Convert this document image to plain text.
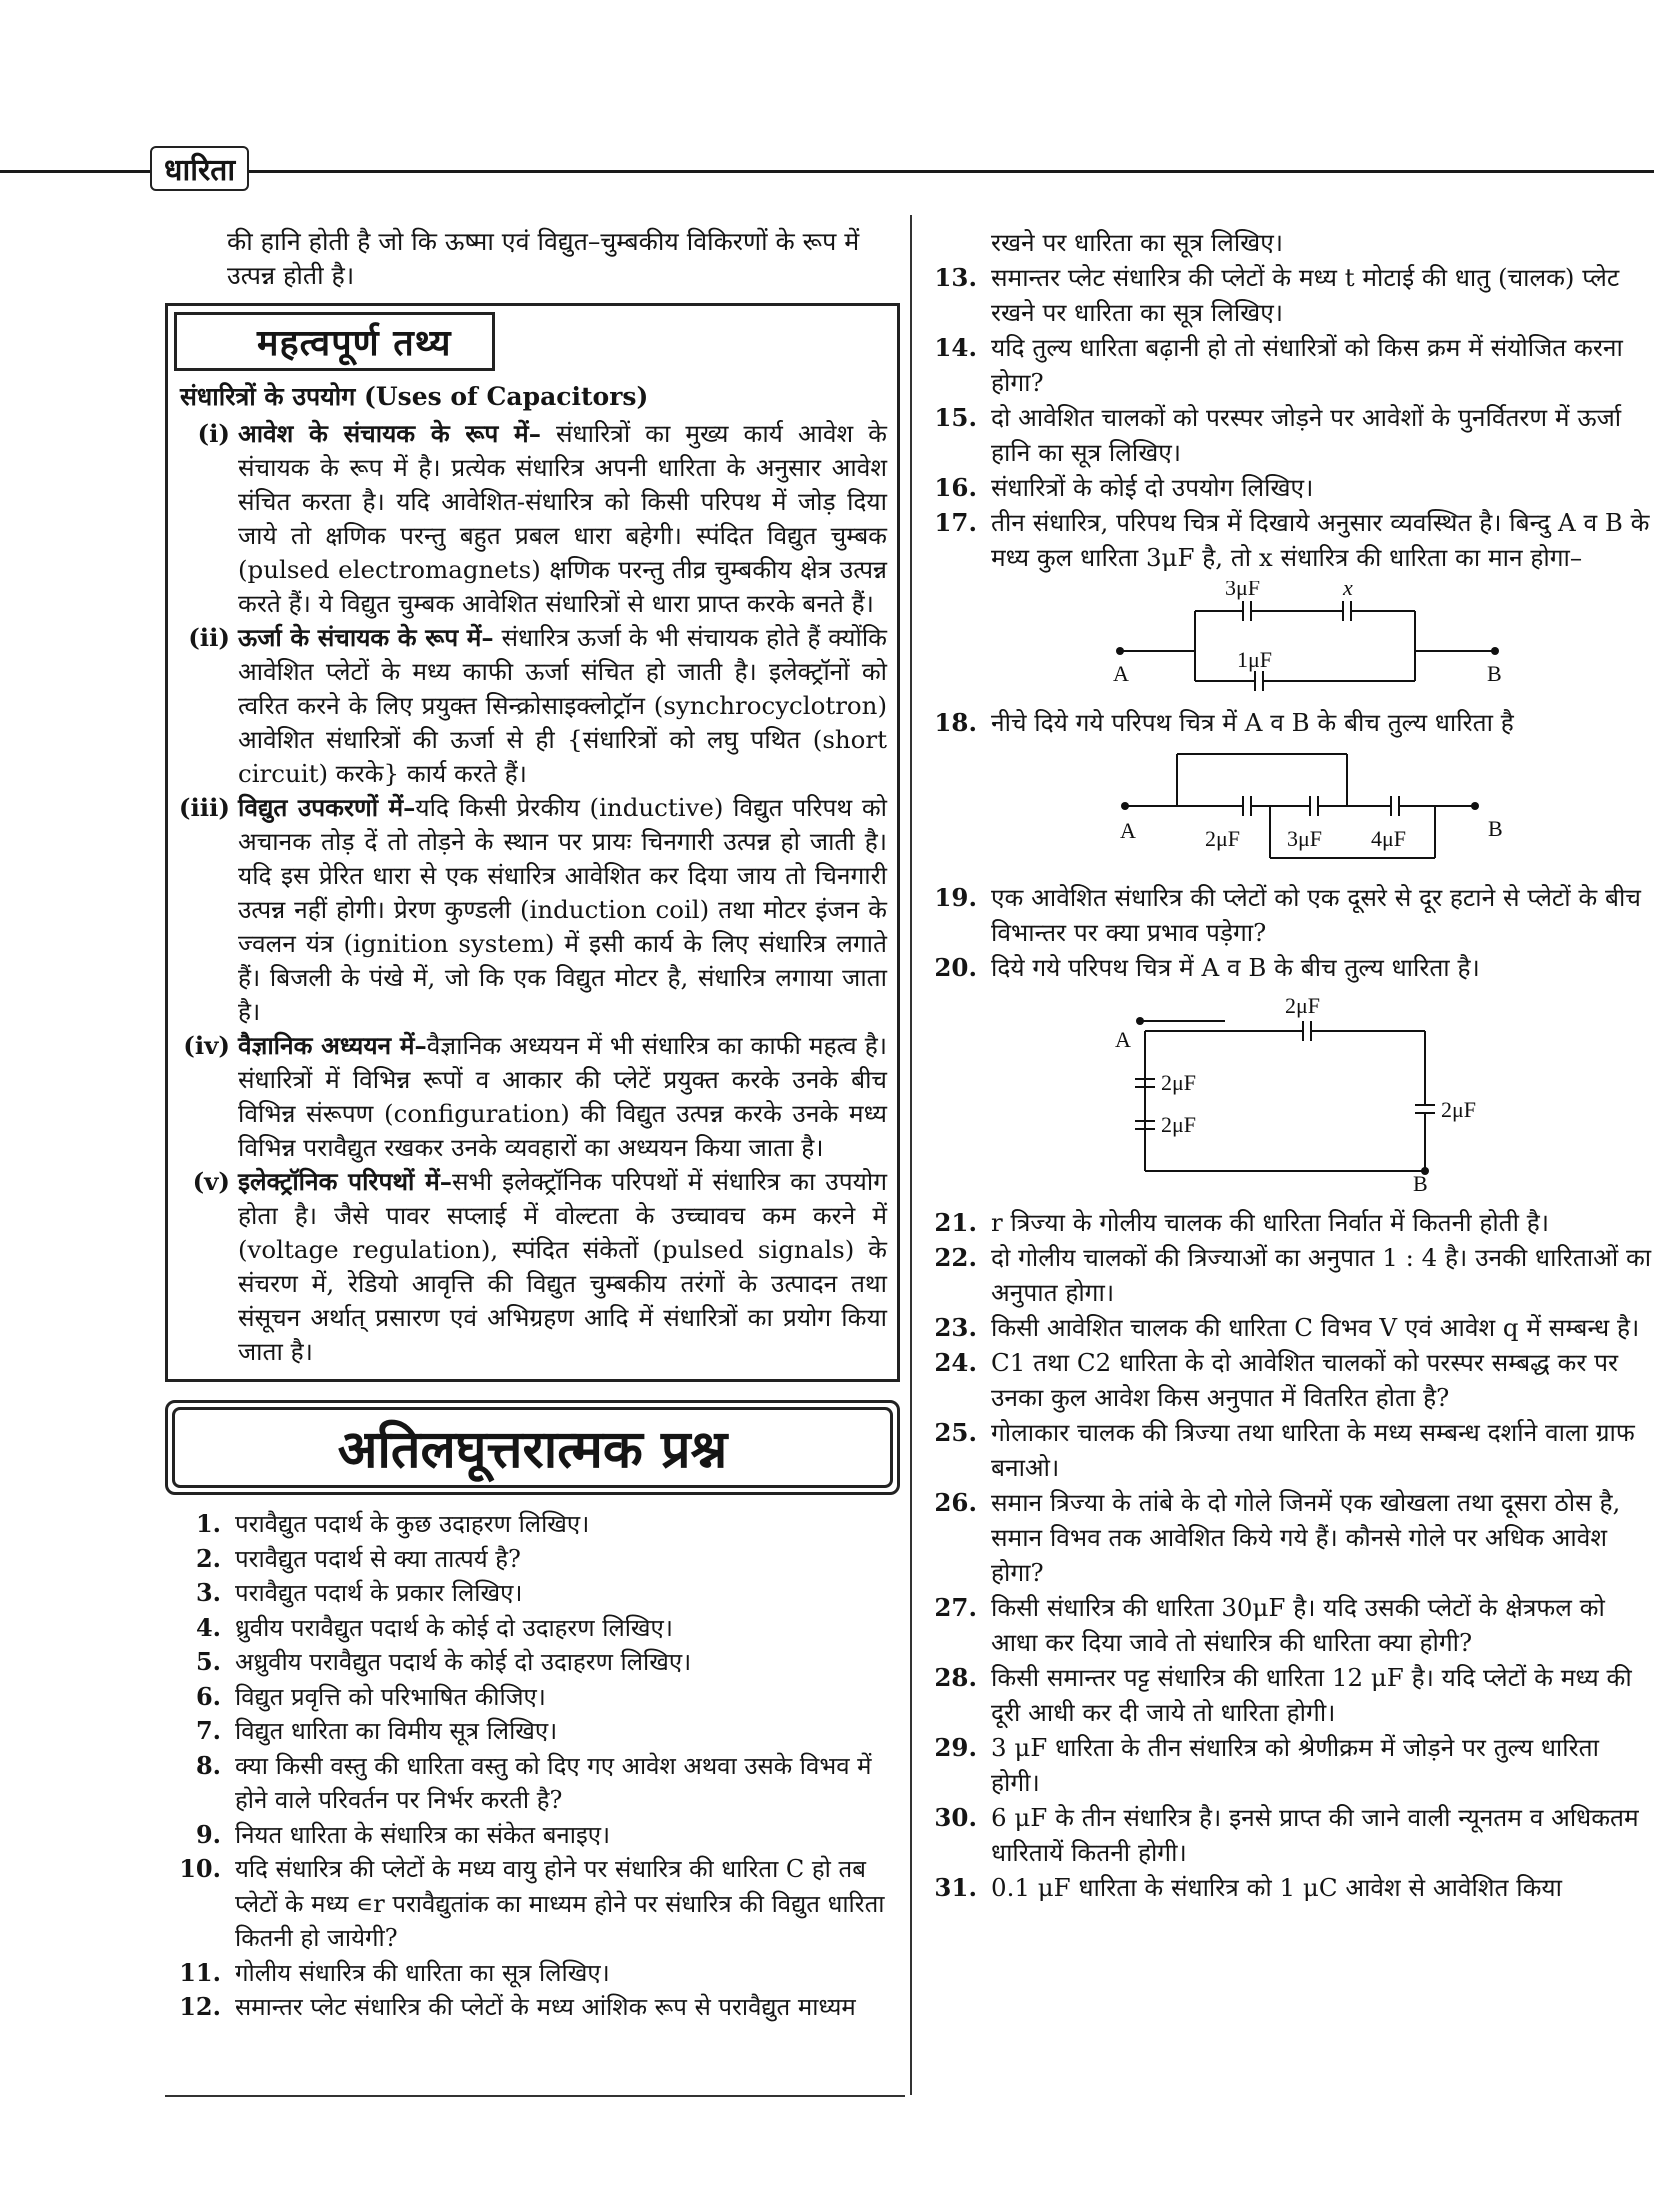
धारिता

की हानि होती है जो कि ऊष्मा एवं विद्युत–चुम्बकीय विकिरणों के रूप में उत्पन्न होती है।

महत्वपूर्ण तथ्य
संधारित्रों के उपयोग (Uses of Capacitors)
(i) आवेश के संचायक के रूप में– संधारित्रों का मुख्य कार्य आवेश के संचायक के रूप में है। प्रत्येक संधारित्र अपनी धारिता के अनुसार आवेश संचित करता है। यदि आवेशित-संधारित्र को किसी परिपथ में जोड़ दिया जाये तो क्षणिक परन्तु बहुत प्रबल धारा बहेगी। स्पंदित विद्युत चुम्बक (pulsed electromagnets) क्षणिक परन्तु तीव्र चुम्बकीय क्षेत्र उत्पन्न करते हैं। ये विद्युत चुम्बक आवेशित संधारित्रों से धारा प्राप्त करके बनते हैं।
(ii) ऊर्जा के संचायक के रूप में– संधारित्र ऊर्जा के भी संचायक होते हैं क्योंकि आवेशित प्लेटों के मध्य काफी ऊर्जा संचित हो जाती है। इलेक्ट्रॉनों को त्वरित करने के लिए प्रयुक्त सिन्क्रोसाइक्लोट्रॉन (synchrocyclotron) आवेशित संधारित्रों की ऊर्जा से ही {संधारित्रों को लघु पथित (short circuit) करके} कार्य करते हैं।
(iii) विद्युत उपकरणों में–यदि किसी प्रेरकीय (inductive) विद्युत परिपथ को अचानक तोड़ दें तो तोड़ने के स्थान पर प्रायः चिनगारी उत्पन्न हो जाती है। यदि इस प्रेरित धारा से एक संधारित्र आवेशित कर दिया जाय तो चिनगारी उत्पन्न नहीं होगी। प्रेरण कुण्डली (induction coil) तथा मोटर इंजन के ज्वलन यंत्र (ignition system) में इसी कार्य के लिए संधारित्र लगाते हैं। बिजली के पंखे में, जो कि एक विद्युत मोटर है, संधारित्र लगाया जाता है।
(iv) वैज्ञानिक अध्ययन में–वैज्ञानिक अध्ययन में भी संधारित्र का काफी महत्व है। संधारित्रों में विभिन्न रूपों व आकार की प्लेटें प्रयुक्त करके उनके बीच विभिन्न संरूपण (configuration) की विद्युत उत्पन्न करके उनके मध्य विभिन्न परावैद्युत रखकर उनके व्यवहारों का अध्ययन किया जाता है।
(v) इलेक्ट्रॉनिक परिपथों में–सभी इलेक्ट्रॉनिक परिपथों में संधारित्र का उपयोग होता है। जैसे पावर सप्लाई में वोल्टता के उच्चावच कम करने में (voltage regulation), स्पंदित संकेतों (pulsed signals) के संचरण में, रेडियो आवृत्ति की विद्युत चुम्बकीय तरंगों के उत्पादन तथा संसूचन अर्थात् प्रसारण एवं अभिग्रहण आदि में संधारित्रों का प्रयोग किया जाता है।
अतिलघूत्तरात्मक प्रश्न
1. परावैद्युत पदार्थ के कुछ उदाहरण लिखिए।
2. परावैद्युत पदार्थ से क्या तात्पर्य है?
3. परावैद्युत पदार्थ के प्रकार लिखिए।
4. ध्रुवीय परावैद्युत पदार्थ के कोई दो उदाहरण लिखिए।
5. अध्रुवीय परावैद्युत पदार्थ के कोई दो उदाहरण लिखिए।
6. विद्युत प्रवृत्ति को परिभाषित कीजिए।
7. विद्युत धारिता का विमीय सूत्र लिखिए।
8. क्या किसी वस्तु की धारिता वस्तु को दिए गए आवेश अथवा उसके विभव में होने वाले परिवर्तन पर निर्भर करती है?
9. नियत धारिता के संधारित्र का संकेत बनाइए।
10. यदि संधारित्र की प्लेटों के मध्य वायु होने पर संधारित्र की धारिता C हो तब प्लेटों के मध्य ∊r परावैद्युतांक का माध्यम होने पर संधारित्र की विद्युत धारिता कितनी हो जायेगी?
11. गोलीय संधारित्र की धारिता का सूत्र लिखिए।
12. समान्तर प्लेट संधारित्र की प्लेटों के मध्य आंशिक रूप से परावैद्युत माध्यम
रखने पर धारिता का सूत्र लिखिए।
13. समान्तर प्लेट संधारित्र की प्लेटों के मध्य t मोटाई की धातु (चालक) प्लेट रखने पर धारिता का सूत्र लिखिए।
14. यदि तुल्य धारिता बढ़ानी हो तो संधारित्रों को किस क्रम में संयोजित करना होगा?
15. दो आवेशित चालकों को परस्पर जोड़ने पर आवेशों के पुनर्वितरण में ऊर्जा हानि का सूत्र लिखिए।
16. संधारित्रों के कोई दो उपयोग लिखिए।
17. तीन संधारित्र, परिपथ चित्र में दिखाये अनुसार व्यवस्थित है। बिन्दु A व B के मध्य कुल धारिता 3μF है, तो x संधारित्र की धारिता का मान होगा–
3μF	x
1μF
A	B
18. नीचे दिये गये परिपथ चित्र में A व B के बीच तुल्य धारिता है
A	B
2μF 3μF 4μF
19. एक आवेशित संधारित्र की प्लेटों को एक दूसरे से दूर हटाने से प्लेटों के बीच विभान्तर पर क्या प्रभाव पड़ेगा?
20. दिये गये परिपथ चित्र में A व B के बीच तुल्य धारिता है।
A
B
2μF
2μF
2μF
2μF
21. r त्रिज्या के गोलीय चालक की धारिता निर्वात में कितनी होती है।
22. दो गोलीय चालकों की त्रिज्याओं का अनुपात 1 : 4 है। उनकी धारिताओं का अनुपात होगा।
23. किसी आवेशित चालक की धारिता C विभव V एवं आवेश q में सम्बन्ध है।
24. C1 तथा C2 धारिता के दो आवेशित चालकों को परस्पर सम्बद्ध कर पर उनका कुल आवेश किस अनुपात में वितरित होता है?
25. गोलाकार चालक की त्रिज्या तथा धारिता के मध्य सम्बन्ध दर्शाने वाला ग्राफ बनाओ।
26. समान त्रिज्या के तांबे के दो गोले जिनमें एक खोखला तथा दूसरा ठोस है, समान विभव तक आवेशित किये गये हैं। कौनसे गोले पर अधिक आवेश होगा?
27. किसी संधारित्र की धारिता 30μF है। यदि उसकी प्लेटों के क्षेत्रफल को आधा कर दिया जावे तो संधारित्र की धारिता क्या होगी?
28. किसी समान्तर पट्ट संधारित्र की धारिता 12 μF है। यदि प्लेटों के मध्य की दूरी आधी कर दी जाये तो धारिता होगी।
29. 3 μF धारिता के तीन संधारित्र को श्रेणीक्रम में जोड़ने पर तुल्य धारिता होगी।
30. 6 μF के तीन संधारित्र है। इनसे प्राप्त की जाने वाली न्यूनतम व अधिकतम धारितायें कितनी होगी।
31. 0.1 μF धारिता के संधारित्र को 1 μC आवेश से आवेशित किया
